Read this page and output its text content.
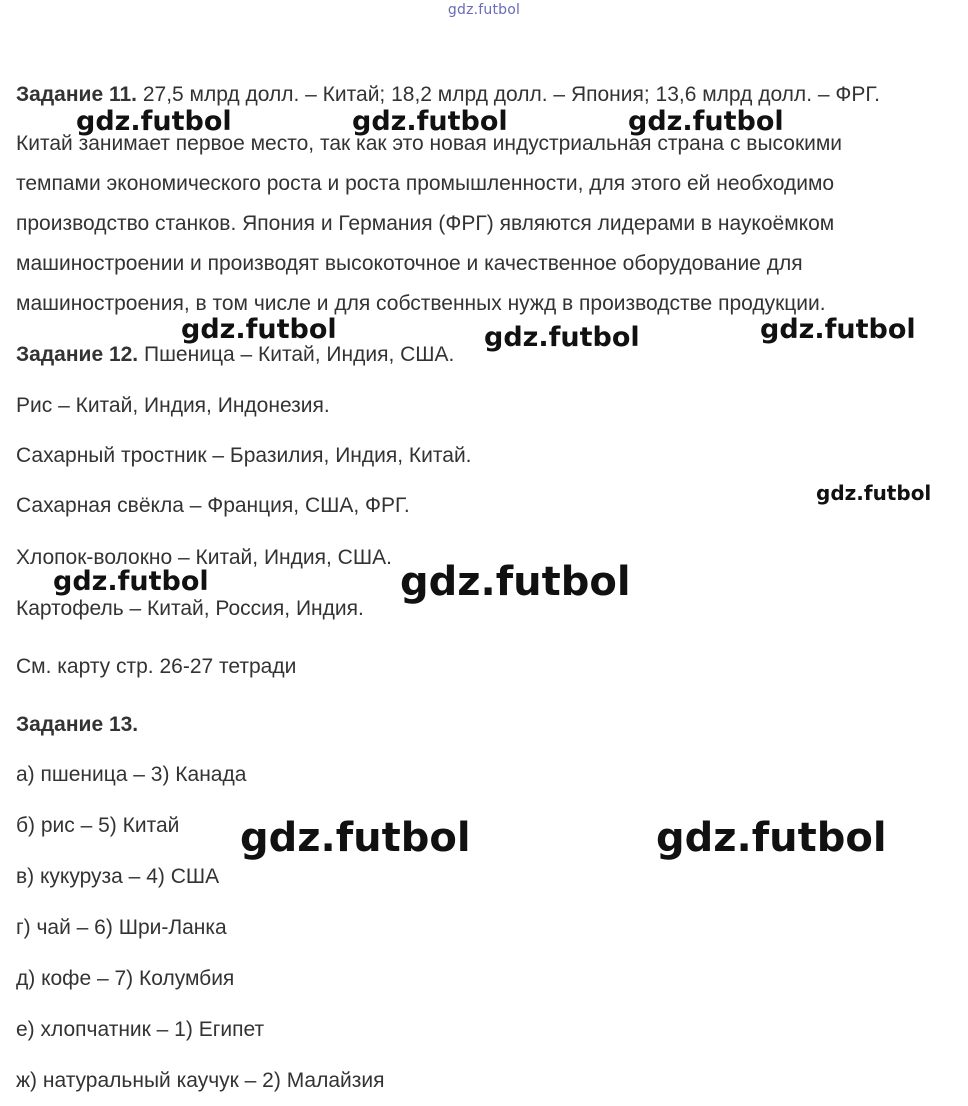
gdz.futbol
Задание 11. 27,5 млрд долл. – Китай; 18,2 млрд долл. – Япония; 13,6 млрд долл. – ФРГ.
Китай занимает первое место, так как это новая индустриальная страна с высокими
темпами экономического роста и роста промышленности, для этого ей необходимо
производство станков. Япония и Германия (ФРГ) являются лидерами в наукоёмком
машиностроении и производят высокоточное и качественное оборудование для
машиностроения, в том числе и для собственных нужд в производстве продукции.
Задание 12. Пшеница – Китай, Индия, США.
Рис – Китай, Индия, Индонезия.
Сахарный тростник – Бразилия, Индия, Китай.
Сахарная свёкла – Франция, США, ФРГ.
Хлопок-волокно – Китай, Индия, США.
Картофель – Китай, Россия, Индия.
См. карту стр. 26-27 тетради
Задание 13.
а) пшеница – 3) Канада
б) рис – 5) Китай
в) кукуруза – 4) США
г) чай – 6) Шри-Ланка
д) кофе – 7) Колумбия
е) хлопчатник – 1) Египет
ж) натуральный каучук – 2) Малайзия
gdz.futbol	gdz.futbol	gdz.futbol
gdz.futbol	gdz.futbol	gdz.futbol
gdz.futbol
gdz.futbol	gdz.futbol
gdz.futbol	gdz.futbol
